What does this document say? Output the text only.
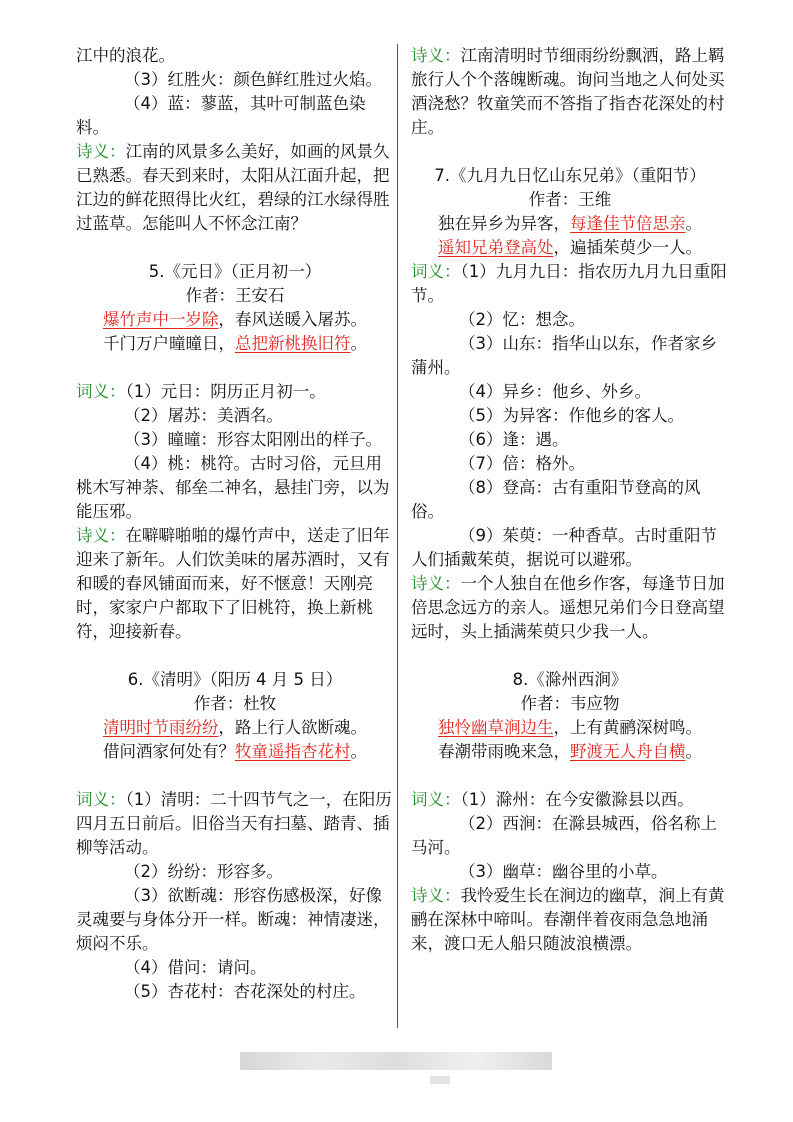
江中的浪花。

（3）红胜火：颜色鲜红胜过火焰。

（4）蓝：蓼蓝，其叶可制蓝色染料。

诗义：江南的风景多么美好，如画的风景久已熟悉。春天到来时，太阳从江面升起，把江边的鲜花照得比火红，碧绿的江水绿得胜过蓝草。怎能叫人不怀念江南？

5.《元日》（正月初一）

作者：王安石

爆竹声中一岁除，春风送暖入屠苏。

千门万户曈曈日，总把新桃换旧符。

词义：（1）元日：阴历正月初一。

（2）屠苏：美酒名。

（3）曈曈：形容太阳刚出的样子。

（4）桃：桃符。古时习俗，元旦用桃木写神荼、郁垒二神名，悬挂门旁，以为能压邪。

诗义：在噼噼啪啪的爆竹声中，送走了旧年迎来了新年。人们饮美味的屠苏酒时，又有和暖的春风铺面而来，好不惬意！天刚亮时，家家户户都取下了旧桃符，换上新桃符，迎接新春。

6.《清明》（阳历 4 月 5 日）

作者：杜牧

清明时节雨纷纷，路上行人欲断魂。

借问酒家何处有？牧童遥指杏花村。

词义：（1）清明：二十四节气之一，在阳历四月五日前后。旧俗当天有扫墓、踏青、插柳等活动。

（2）纷纷：形容多。

（3）欲断魂：形容伤感极深，好像灵魂要与身体分开一样。断魂：神情凄迷，烦闷不乐。

（4）借问：请问。

（5）杏花村：杏花深处的村庄。

诗义：江南清明时节细雨纷纷飘洒，路上羁旅行人个个落魄断魂。询问当地之人何处买酒浇愁？牧童笑而不答指了指杏花深处的村庄。

7.《九月九日忆山东兄弟》（重阳节）

作者：王维

独在异乡为异客，每逢佳节倍思亲。

遥知兄弟登高处，遍插茱萸少一人。

词义：（1）九月九日：指农历九月九日重阳节。

（2）忆：想念。

（3）山东：指华山以东，作者家乡蒲州。

（4）异乡：他乡、外乡。

（5）为异客：作他乡的客人。

（6）逢：遇。

（7）倍：格外。

（8）登高：古有重阳节登高的风俗。

（9）茱萸：一种香草。古时重阳节人们插戴茱萸，据说可以避邪。

诗义：一个人独自在他乡作客，每逢节日加倍思念远方的亲人。遥想兄弟们今日登高望远时，头上插满茱萸只少我一人。

8.《滁州西涧》

作者：韦应物

独怜幽草涧边生，上有黄鹂深树鸣。

春潮带雨晚来急，野渡无人舟自横。

词义：（1）滁州：在今安徽滁县以西。

（2）西涧：在滁县城西，俗名称上马河。

（3）幽草：幽谷里的小草。

诗义：我怜爱生长在涧边的幽草，涧上有黄鹂在深林中啼叫。春潮伴着夜雨急急地涌来，渡口无人船只随波浪横漂。
